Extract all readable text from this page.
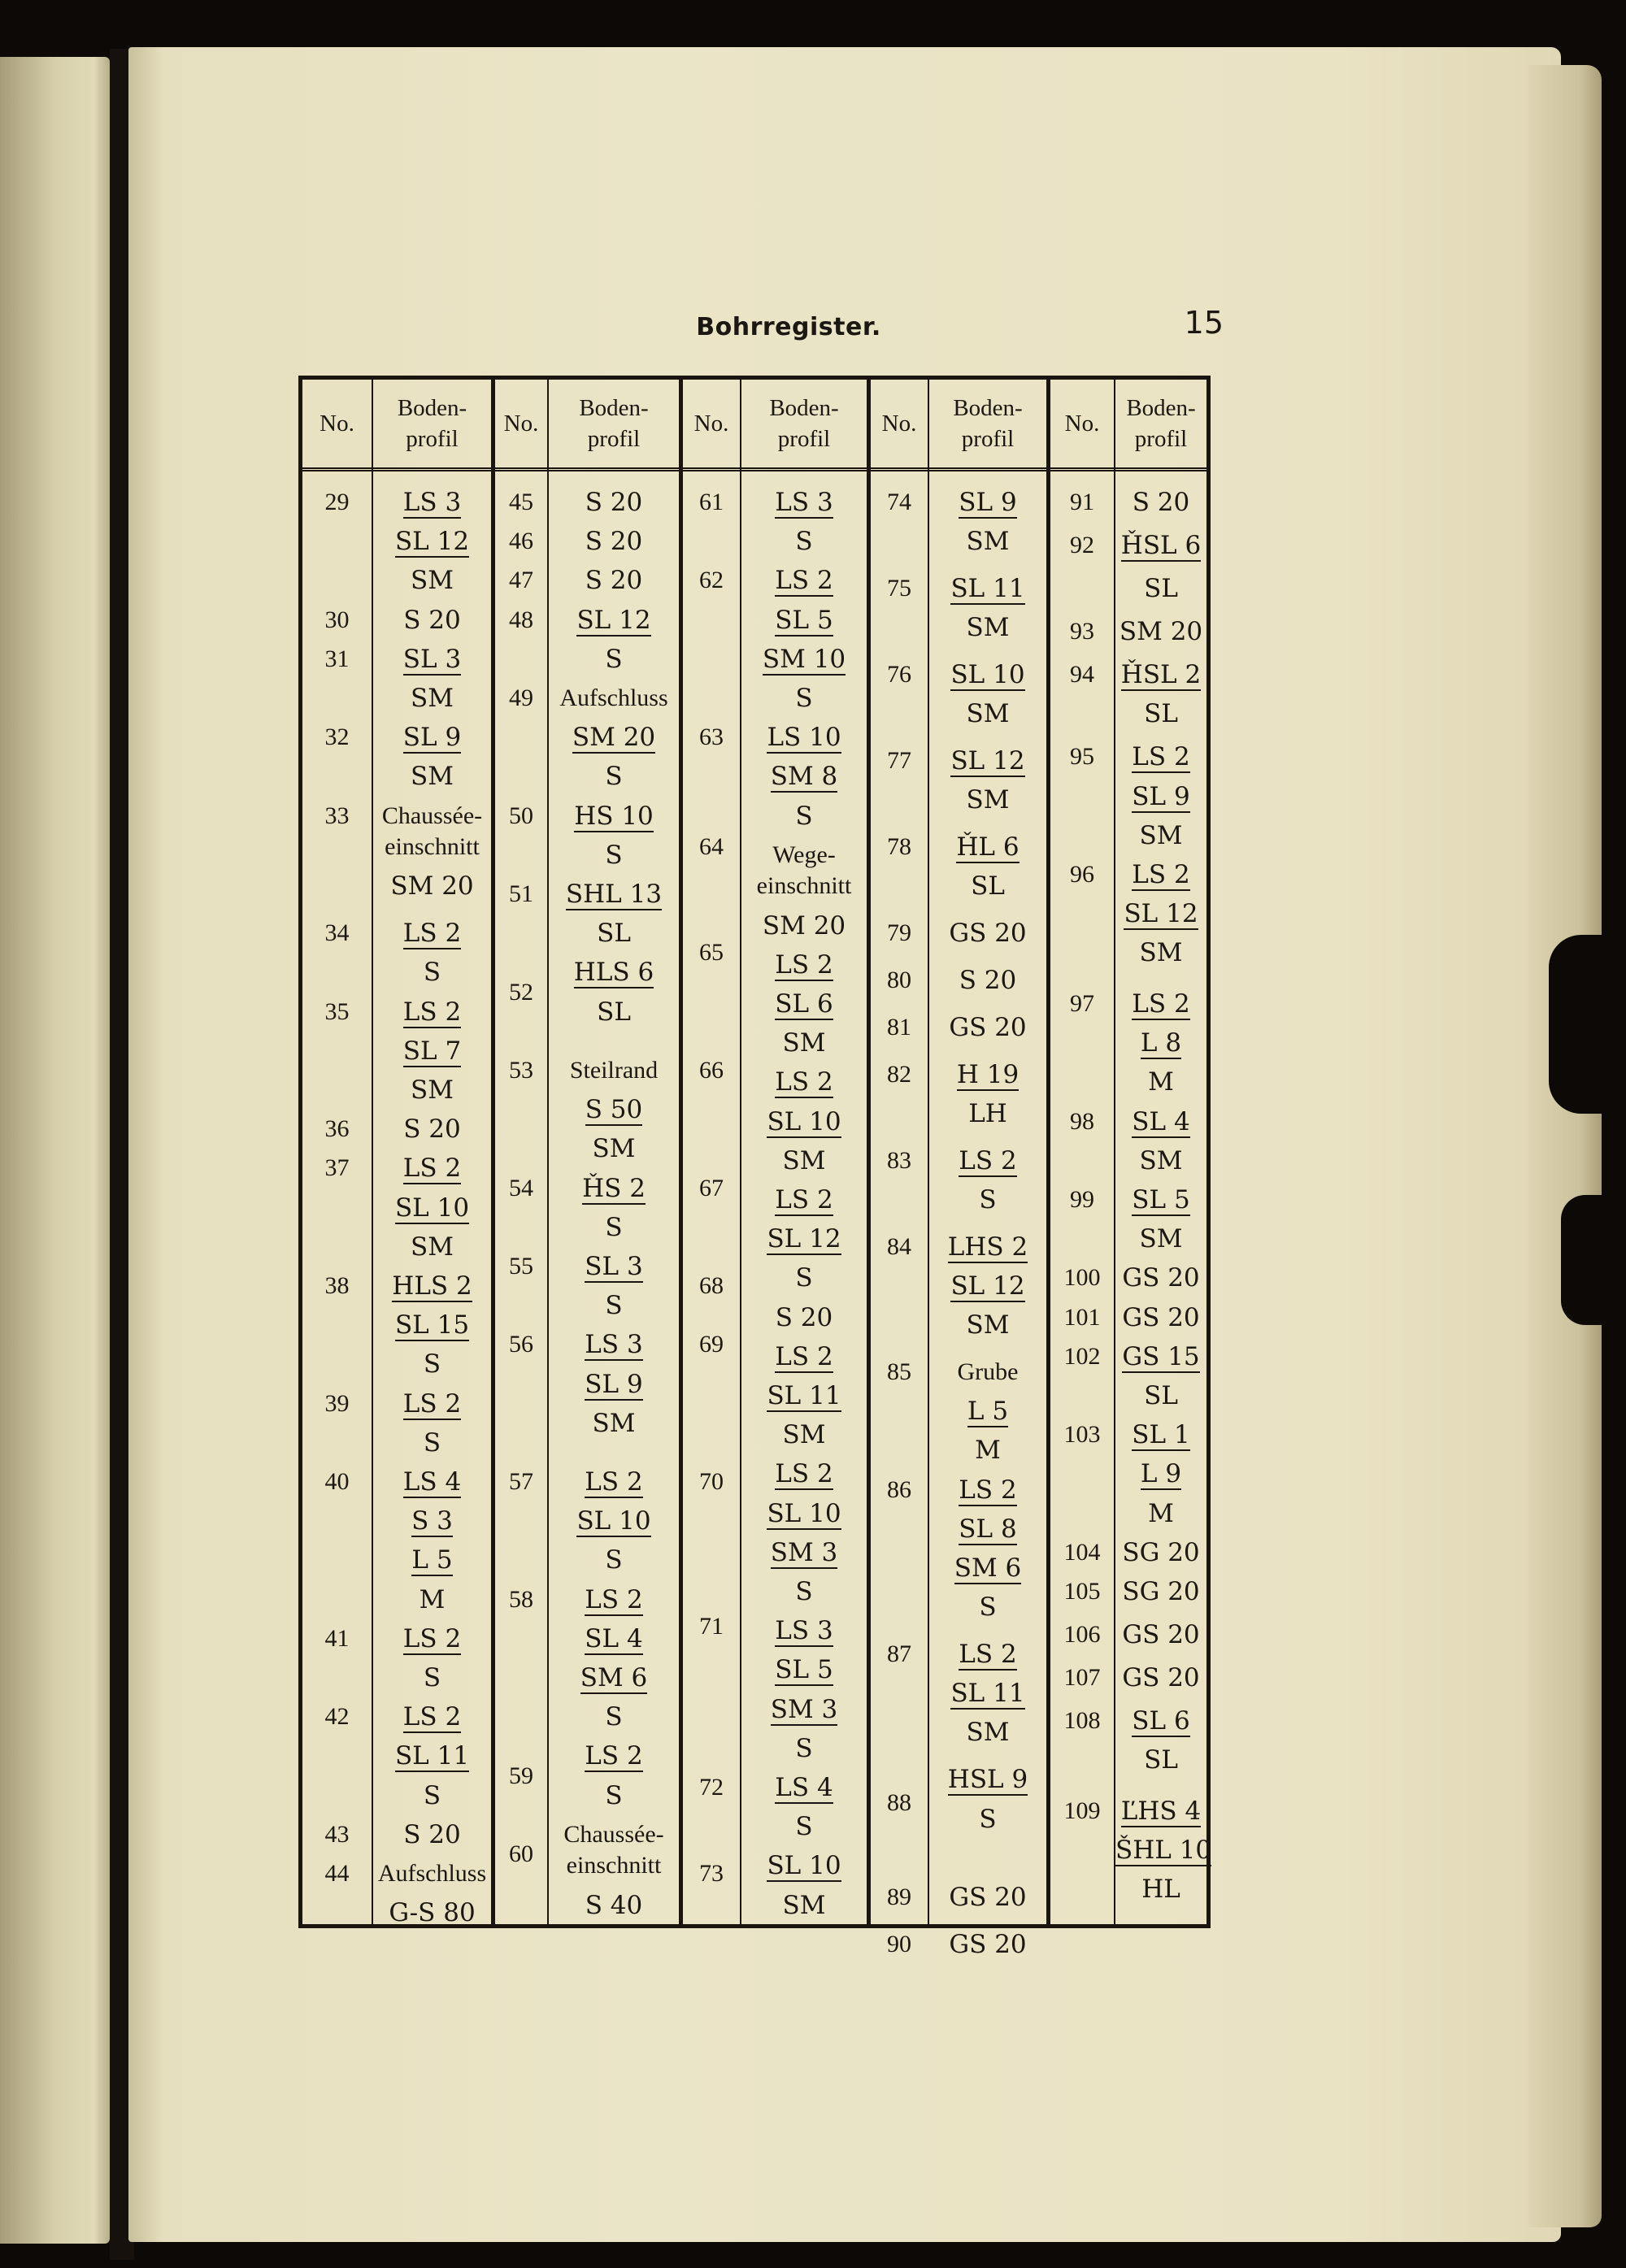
Bohrregister.	15
No.
29
30
31
32
33
34
35
36
37
38
39
40
41
42
43
44
Boden-
profil
LS 3
SL 12
SM
S 20
SL 3
SM
SL 9
SM
Chaussée-
einschnitt
SM 20
LS 2
S
LS 2
SL 7
SM
S 20
LS 2
SL 10
SM
HLS 2
SL 15
S
LS 2
S
LS 4
S 3
L 5
M
LS 2
S
LS 2
SL 11
S
S 20
Aufschluss
G-S 80
No.
45
46
47
48
49
50
51
52
53
54
55
56
57
58
59
60
Boden-
profil
S 20
S 20
S 20
SL 12
S
Aufschluss
SM 20
S
HS 10
S
SHL 13
SL
HLS 6
SL
Steilrand
S 50
SM
ȞS 2
S
SL 3
S
LS 3
SL 9
SM
LS 2
SL 10
S
LS 2
SL 4
SM 6
S
LS 2
S
Chaussée-
einschnitt
S 40
No.
61
62
63
64
65
66
67
68
69
70
71
72
73
Boden-
profil
LS 3
S
LS 2
SL 5
SM 10
S
LS 10
SM 8
S
Wege-
einschnitt
SM 20
LS 2
SL 6
SM
LS 2
SL 10
SM
LS 2
SL 12
S
S 20
LS 2
SL 11
SM
LS 2
SL 10
SM 3
S
LS 3
SL 5
SM 3
S
LS 4
S
SL 10
SM
No.
74
75
76
77
78
79
80
81
82
83
84
85
86
87
88
89
90
Boden-
profil
SL 9
SM
SL 11
SM
SL 10
SM
SL 12
SM
ȞL 6
SL
GS 20
S 20
GS 20
H 19
LH
LS 2
S
LHS 2
SL 12
SM
Grube
L 5
M
LS 2
SL 8
SM 6
S
LS 2
SL 11
SM
HSL 9
S
GS 20
GS 20
No.
91
92
93
94
95
96
97
98
99
100
101
102
103
104
105
106
107
108
109
Boden-
profil
S 20
ȞSL 6
SL
SM 20
ȞSL 2
SL
LS 2
SL 9
SM
LS 2
SL 12
SM
LS 2
L 8
M
SL 4
SM
SL 5
SM
GS 20
GS 20
GS 15
SL
SL 1
L 9
M
SG 20
SG 20
GS 20
GS 20
SL 6
SL
ĽHS 4
ŠHL 10
HL
